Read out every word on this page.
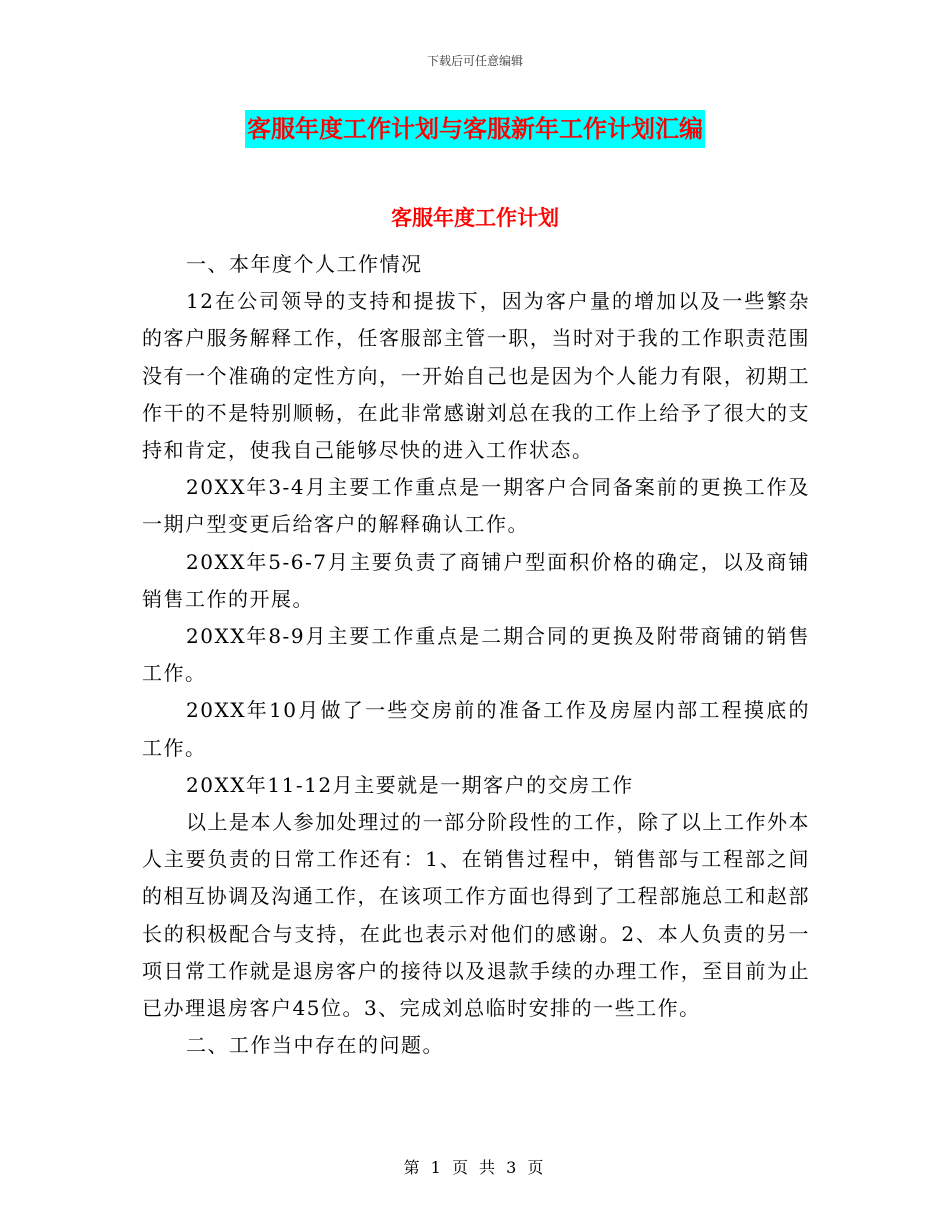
下载后可任意编辑
客服年度工作计划与客服新年工作计划汇编
客服年度工作计划

一、本年度个人工作情况

12在公司领导的支持和提拔下，因为客户量的增加以及一些繁杂的客户服务解释工作，任客服部主管一职，当时对于我的工作职责范围没有一个准确的定性方向，一开始自己也是因为个人能力有限，初期工作干的不是特别顺畅，在此非常感谢刘总在我的工作上给予了很大的支持和肯定，使我自己能够尽快的进入工作状态。

20XX年3-4月主要工作重点是一期客户合同备案前的更换工作及一期户型变更后给客户的解释确认工作。

20XX年5-6-7月主要负责了商铺户型面积价格的确定，以及商铺销售工作的开展。

20XX年8-9月主要工作重点是二期合同的更换及附带商铺的销售工作。

20XX年10月做了一些交房前的准备工作及房屋内部工程摸底的工作。

20XX年11-12月主要就是一期客户的交房工作

以上是本人参加处理过的一部分阶段性的工作，除了以上工作外本人主要负责的日常工作还有：1、在销售过程中，销售部与工程部之间的相互协调及沟通工作，在该项工作方面也得到了工程部施总工和赵部长的积极配合与支持，在此也表示对他们的感谢。2、本人负责的另一项日常工作就是退房客户的接待以及退款手续的办理工作，至目前为止已办理退房客户45位。3、完成刘总临时安排的一些工作。

二、工作当中存在的问题。

第 1 页 共 3 页
